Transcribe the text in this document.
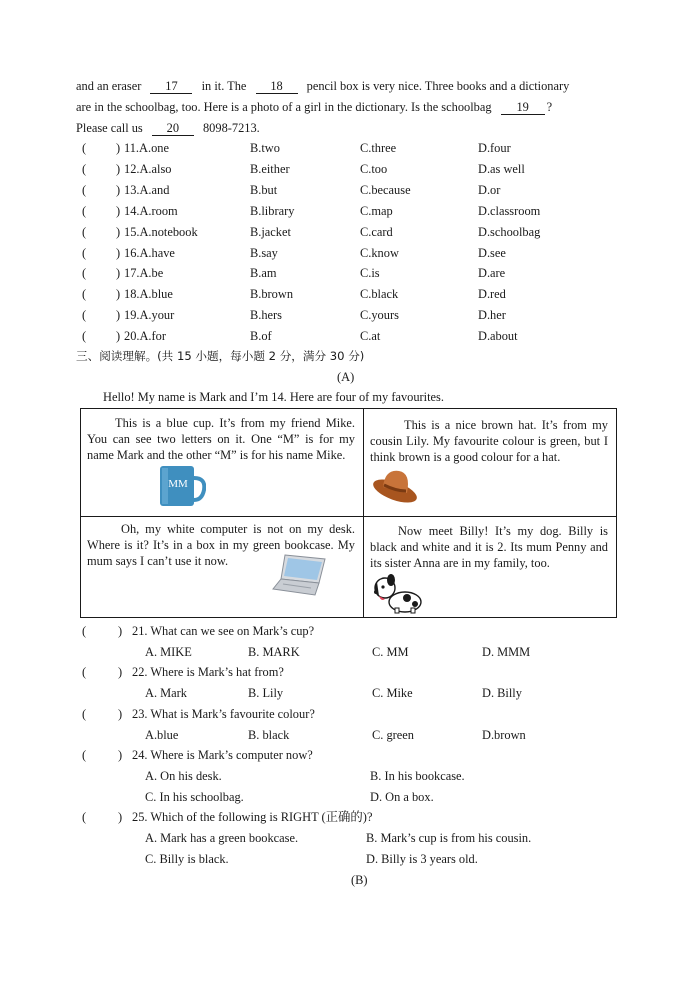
and an eraser 17 in it. The 18 pencil box is very nice. Three books and a dictionary
are in the schoolbag, too. Here is a photo of a girl in the dictionary. Is the schoolbag 19 ?
Please call us 20 8098-7213.
( ) 11.A.one	B.two	C.three	D.four
( ) 12.A.also	B.either	C.too	D.as well
( ) 13.A.and	B.but	C.because	D.or
( ) 14.A.room	B.library	C.map	D.classroom
( ) 15.A.notebook	B.jacket	C.card	D.schoolbag
( ) 16.A.have	B.say	C.know	D.see
( ) 17.A.be	B.am	C.is	D.are
( ) 18.A.blue	B.brown	C.black	D.red
( ) 19.A.your	B.hers	C.yours	D.her
( ) 20.A.for	B.of	C.at	D.about
三、阅读理解。(共 15 小题，每小题 2 分，满分 30 分)
(A)
Hello! My name is Mark and I’m 14. Here are four of my favourites.
This is a blue cup. It’s from my friend Mike. You can see two letters on it. One “M” is for my name Mark and the other “M” is for his name Mike.
MM
This is a nice brown hat. It’s from my cousin Lily. My favourite colour is green, but I think brown is a good colour for a hat.
Oh, my white computer is not on my desk. Where is it? It’s in a box in my green bookcase. My mum says I can’t use it now.
Now meet Billy! It’s my dog. Billy is black and white and it is 2. Its mum Penny and its sister Anna are in my family, too.
(	) 21. What can we see on Mark’s cup?
A. MIKE	B. MARK	C. MM	D. MMM
(	) 22. Where is Mark’s hat from?
A. Mark	B. Lily	C. Mike	D. Billy
(	) 23. What is Mark’s favourite colour?
A.blue	B. black	C. green	D.brown
(	) 24. Where is Mark’s computer now?
A. On his desk.	B. In his bookcase.
C. In his schoolbag.	D. On a box.
(	) 25. Which of the following is RIGHT (正确的)?
A. Mark has a green bookcase.	B. Mark’s cup is from his cousin.
C. Billy is black.	D. Billy is 3 years old.
(B)
